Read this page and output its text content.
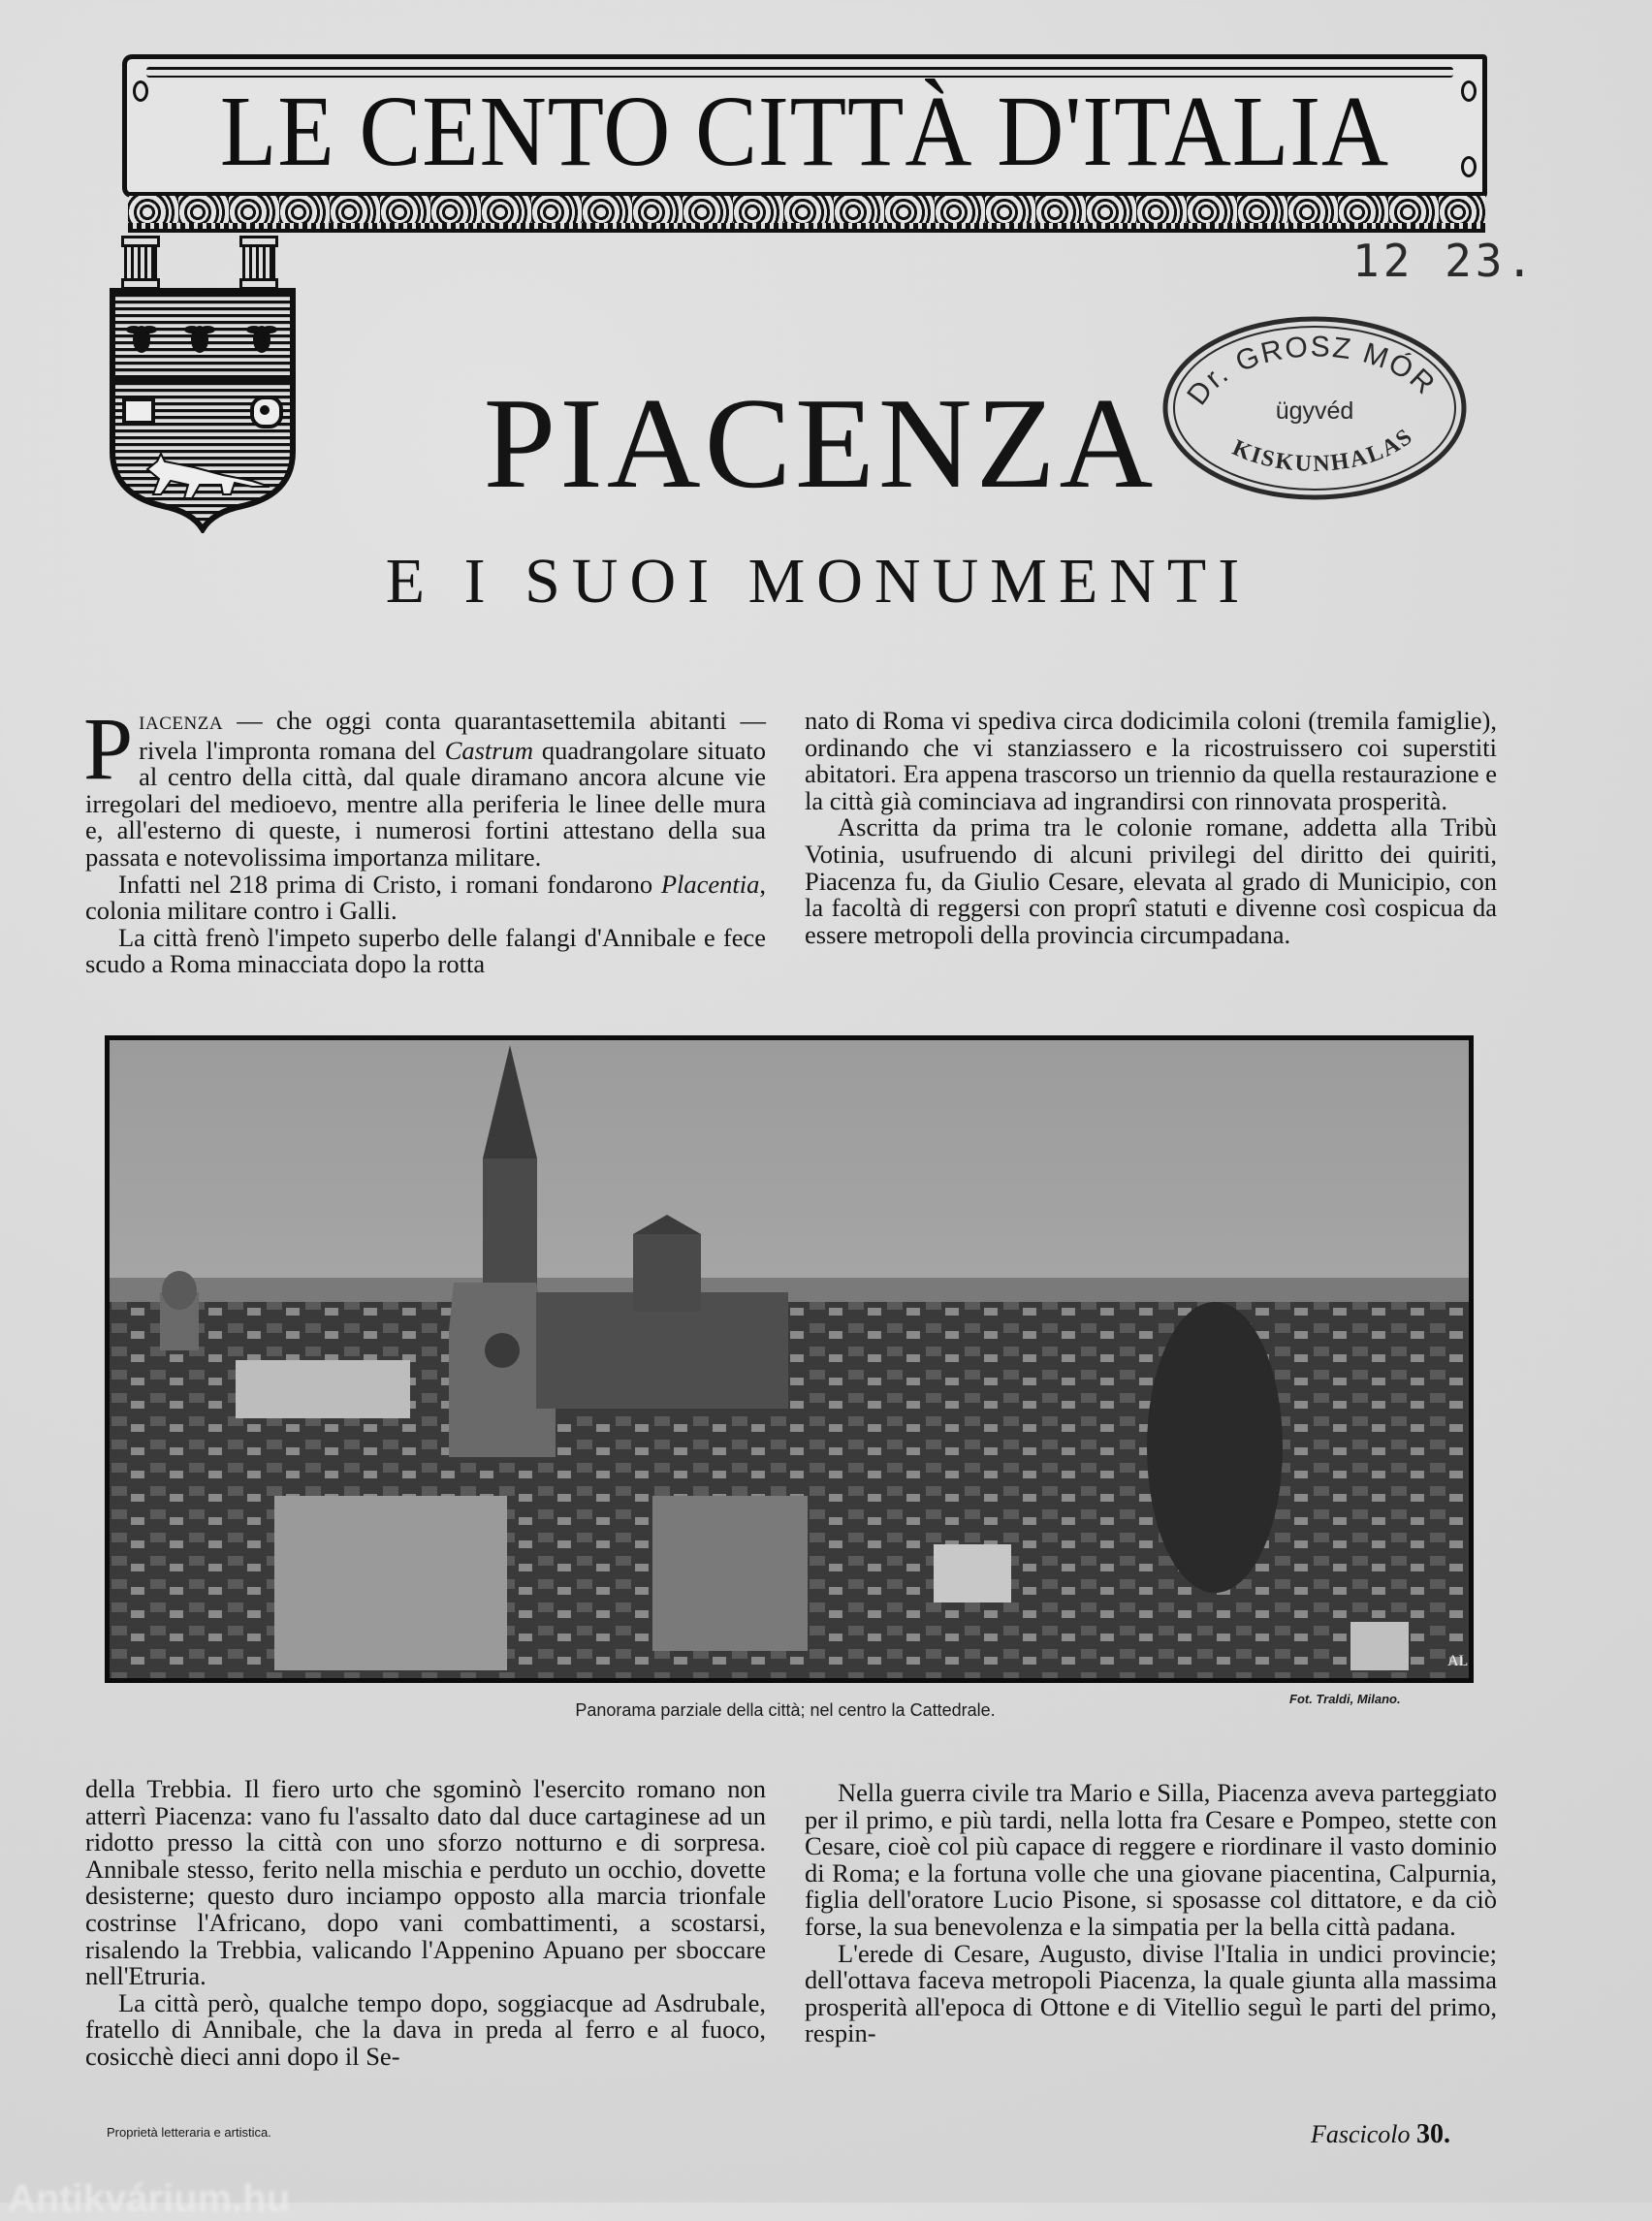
LE CENTO CITTÀ D'ITALIA
12 23.
Dr. GROSZ MÓR
ügyvéd
KISKUNHALAS
PIACENZA
E I SUOI MONUMENTI

PIACENZA — che oggi conta quarantasettemila abitanti — rivela l'impronta romana del Castrum quadrangolare situato al centro della città, dal quale diramano ancora alcune vie irregolari del medioevo, mentre alla periferia le linee delle mura e, all'esterno di queste, i numerosi fortini attestano della sua passata e notevolissima importanza militare.

Infatti nel 218 prima di Cristo, i romani fondarono Placentia, colonia militare contro i Galli.

La città frenò l'impeto superbo delle falangi d'Annibale e fece scudo a Roma minacciata dopo la rotta

nato di Roma vi spediva circa dodicimila coloni (tremila famiglie), ordinando che vi stanziassero e la ricostruissero coi superstiti abitatori. Era appena trascorso un triennio da quella restaurazione e la città già cominciava ad ingrandirsi con rinnovata prosperità.

Ascritta da prima tra le colonie romane, addetta alla Tribù Votinia, usufruendo di alcuni privilegi del diritto dei quiriti, Piacenza fu, da Giulio Cesare, elevata al grado di Municipio, con la facoltà di reggersi con proprî statuti e divenne così cospicua da essere metropoli della provincia circumpadana.

AL
Fot. Traldi, Milano.
Panorama parziale della città; nel centro la Cattedrale.

della Trebbia. Il fiero urto che sgominò l'esercito romano non atterrì Piacenza: vano fu l'assalto dato dal duce cartaginese ad un ridotto presso la città con uno sforzo notturno e di sorpresa. Annibale stesso, ferito nella mischia e perduto un occhio, dovette desisterne; questo duro inciampo opposto alla marcia trionfale costrinse l'Africano, dopo vani combattimenti, a scostarsi, risalendo la Trebbia, valicando l'Appenino Apuano per sboccare nell'Etruria.

La città però, qualche tempo dopo, soggiacque ad Asdrubale, fratello di Annibale, che la dava in preda al ferro e al fuoco, cosicchè dieci anni dopo il Se-

Nella guerra civile tra Mario e Silla, Piacenza aveva parteggiato per il primo, e più tardi, nella lotta fra Cesare e Pompeo, stette con Cesare, cioè col più capace di reggere e riordinare il vasto dominio di Roma; e la fortuna volle che una giovane piacentina, Calpurnia, figlia dell'oratore Lucio Pisone, si sposasse col dittatore, e da ciò forse, la sua benevolenza e la simpatia per la bella città padana.

L'erede di Cesare, Augusto, divise l'Italia in undici provincie; dell'ottava faceva metropoli Piacenza, la quale giunta alla massima prosperità all'epoca di Ottone e di Vitellio seguì le parti del primo, respin-

Proprietà letteraria e artistica.	Fascicolo 30.
Antikvárium.hu
